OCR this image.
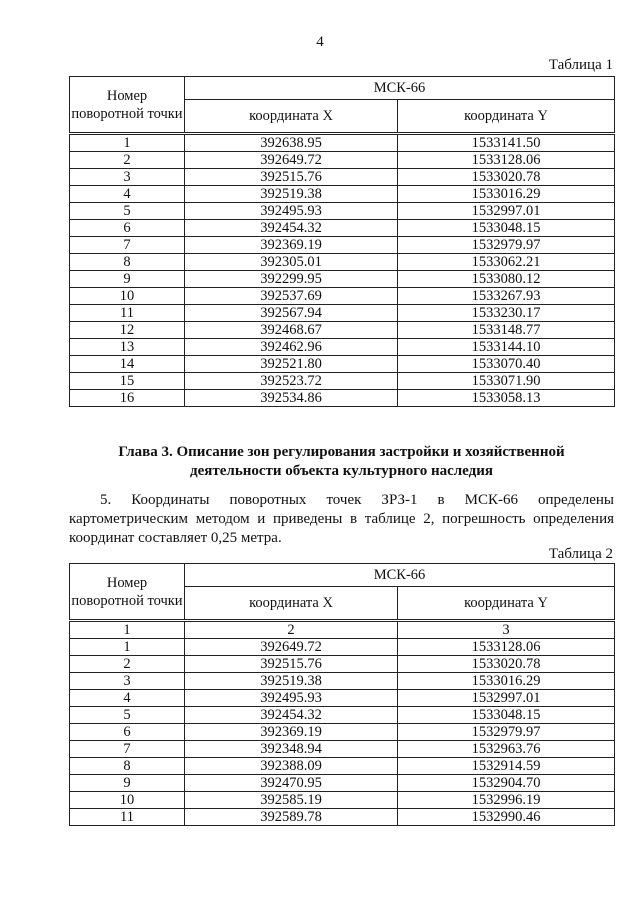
4
Таблица 1
Номер поворотной точки	МСК-66	
	координата X	координата Y
1	392638.95	1533141.50
2	392649.72	1533128.06
3	392515.76	1533020.78
4	392519.38	1533016.29
5	392495.93	1532997.01
6	392454.32	1533048.15
7	392369.19	1532979.97
8	392305.01	1533062.21
9	392299.95	1533080.12
10	392537.69	1533267.93
11	392567.94	1533230.17
12	392468.67	1533148.77
13	392462.96	1533144.10
14	392521.80	1533070.40
15	392523.72	1533071.90
16	392534.86	1533058.13
Глава 3. Описание зон регулирования застройки и хозяйственной
деятельности объекта культурного наследия
5. Координаты поворотных точек ЗРЗ-1 в МСК-66 определены
картометрическим методом и приведены в таблице 2, погрешность определения
координат составляет 0,25 метра.
Таблица 2
Номер поворотной точки	МСК-66	
	координата X	координата Y
1	2	3
1	392649.72	1533128.06
2	392515.76	1533020.78
3	392519.38	1533016.29
4	392495.93	1532997.01
5	392454.32	1533048.15
6	392369.19	1532979.97
7	392348.94	1532963.76
8	392388.09	1532914.59
9	392470.95	1532904.70
10	392585.19	1532996.19
11	392589.78	1532990.46
